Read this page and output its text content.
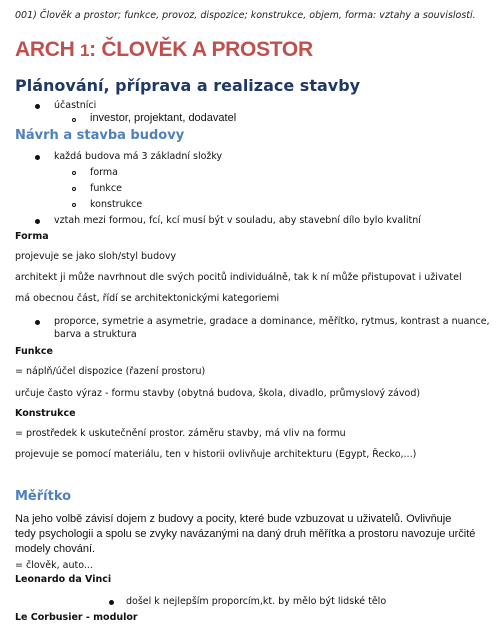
001) Člověk a prostor; funkce, provoz, dispozice; konstrukce, objem, forma: vztahy a souvislosti.
ARCH 1: ČLOVĚK A PROSTOR
Plánování, příprava a realizace stavby
účastníci
investor, projektant, dodavatel
Návrh a stavba budovy
každá budova má 3 základní složky
forma
funkce
konstrukce
vztah mezi formou, fcí, kcí musí být v souladu, aby stavební dílo bylo kvalitní
Forma
projevuje se jako sloh/styl budovy
architekt ji může navrhnout dle svých pocitů individuálně, tak k ní může přistupovat i uživatel
má obecnou část, řídí se architektonickými kategoriemi
proporce, symetrie a asymetrie, gradace a dominance, měřítko, rytmus, kontrast a nuance,
barva a struktura
Funkce
= náplň/účel dispozice (řazení prostoru)
určuje často výraz - formu stavby (obytná budova, škola, divadlo, průmyslový závod)
Konstrukce
= prostředek k uskutečnění prostor. záměru stavby, má vliv na formu
projevuje se pomocí materiálu, ten v historii ovlivňuje architekturu (Egypt, Řecko,...)
Měřítko
Na jeho volbě závisí dojem z budovy a pocity, které bude vzbuzovat u uživatelů. Ovlivňuje
tedy psychologii a spolu se zvyky navázanými na daný druh měřítka a prostoru navozuje určité
modely chování.
= člověk, auto...
Leonardo da Vinci
došel k nejlepším proporcím,kt. by mělo být lidské tělo
Le Corbusier - modulor
